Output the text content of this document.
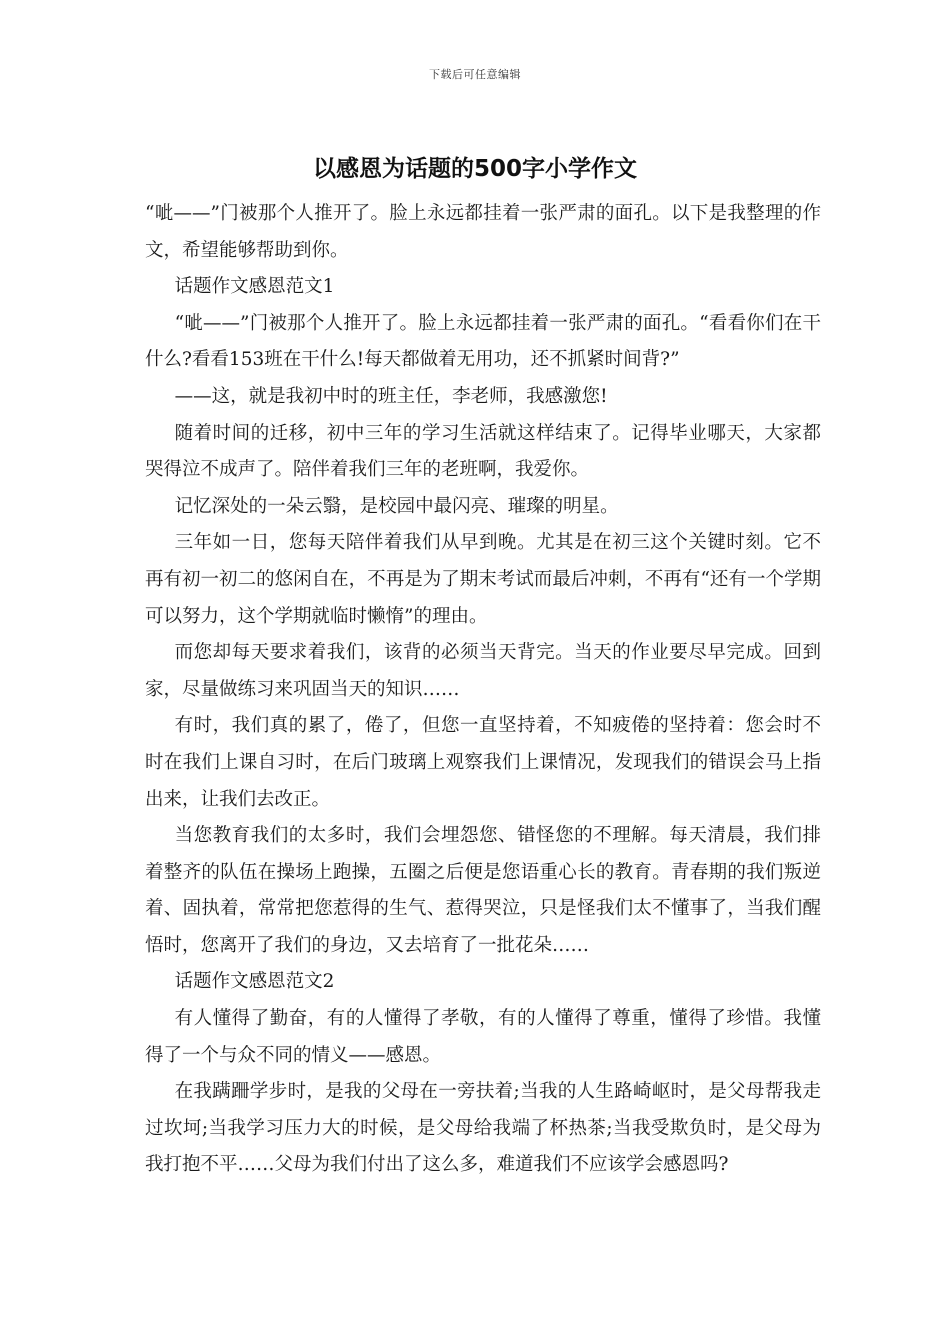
下载后可任意编辑
以感恩为话题的500字小学作文

“呲——”门被那个人推开了。脸上永远都挂着一张严肃的面孔。以下是我整理的作文，希望能够帮助到你。

话题作文感恩范文1

“呲——”门被那个人推开了。脸上永远都挂着一张严肃的面孔。“看看你们在干什么?看看153班在干什么!每天都做着无用功，还不抓紧时间背?”

——这，就是我初中时的班主任，李老师，我感激您!

随着时间的迁移，初中三年的学习生活就这样结束了。记得毕业哪天，大家都哭得泣不成声了。陪伴着我们三年的老班啊，我爱你。

记忆深处的一朵云翳，是校园中最闪亮、璀璨的明星。

三年如一日，您每天陪伴着我们从早到晚。尤其是在初三这个关键时刻。它不再有初一初二的悠闲自在，不再是为了期末考试而最后冲刺，不再有“还有一个学期可以努力，这个学期就临时懒惰”的理由。

而您却每天要求着我们，该背的必须当天背完。当天的作业要尽早完成。回到家，尽量做练习来巩固当天的知识……

有时，我们真的累了，倦了，但您一直坚持着，不知疲倦的坚持着：您会时不时在我们上课自习时，在后门玻璃上观察我们上课情况，发现我们的错误会马上指出来，让我们去改正。

当您教育我们的太多时，我们会埋怨您、错怪您的不理解。每天清晨，我们排着整齐的队伍在操场上跑操，五圈之后便是您语重心长的教育。青春期的我们叛逆着、固执着，常常把您惹得的生气、惹得哭泣，只是怪我们太不懂事了，当我们醒悟时，您离开了我们的身边，又去培育了一批花朵……

话题作文感恩范文2

有人懂得了勤奋，有的人懂得了孝敬，有的人懂得了尊重，懂得了珍惜。我懂得了一个与众不同的情义——感恩。

在我蹒跚学步时，是我的父母在一旁扶着;当我的人生路崎岖时，是父母帮我走过坎坷;当我学习压力大的时候，是父母给我端了杯热茶;当我受欺负时，是父母为我打抱不平……父母为我们付出了这么多，难道我们不应该学会感恩吗?
